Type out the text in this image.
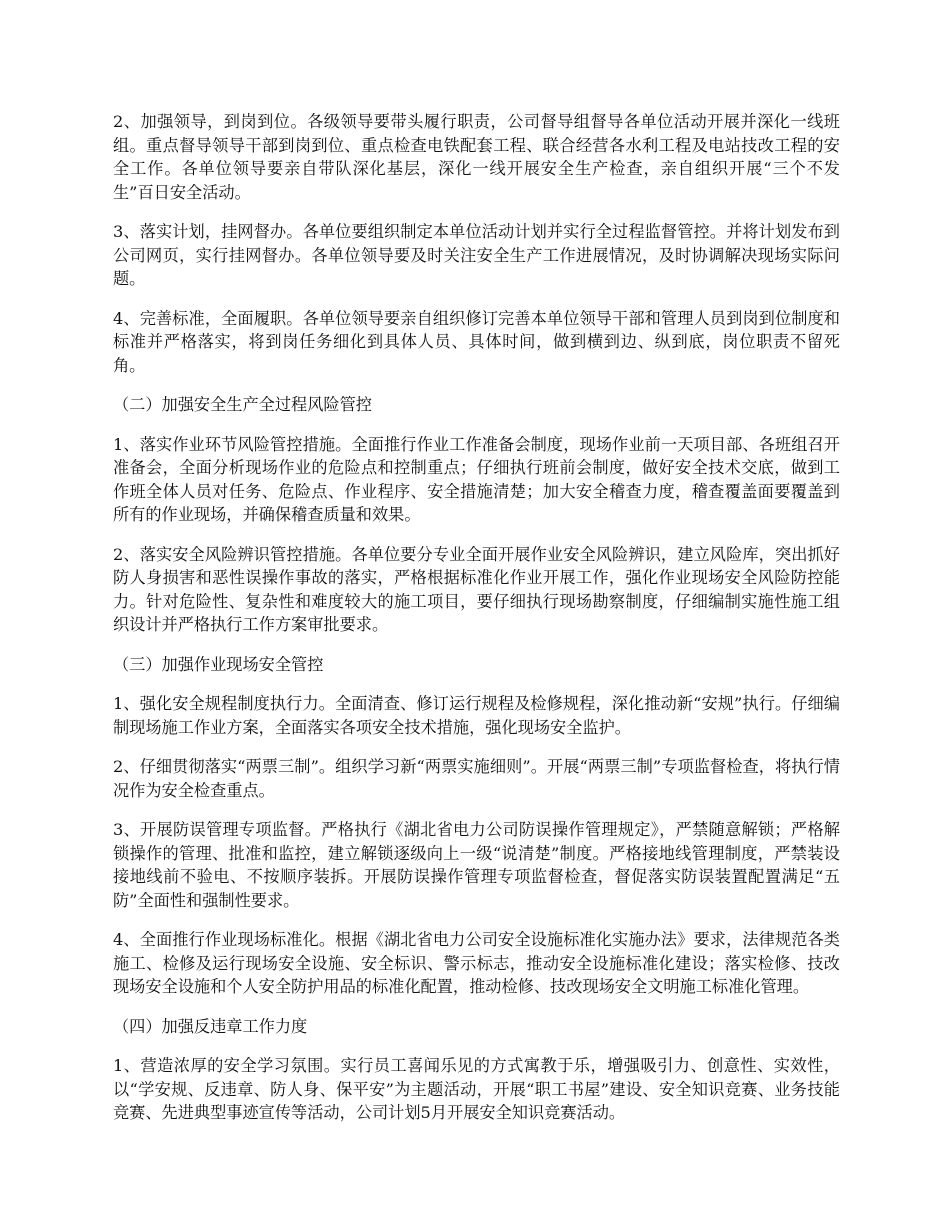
2、加强领导，到岗到位。各级领导要带头履行职责，公司督导组督导各单位活动开展并深化一线班组。重点督导领导干部到岗到位、重点检查电铁配套工程、联合经营各水利工程及电站技改工程的安全工作。各单位领导要亲自带队深化基层，深化一线开展安全生产检查，亲自组织开展“三个不发生”百日安全活动。

3、落实计划，挂网督办。各单位要组织制定本单位活动计划并实行全过程监督管控。并将计划发布到公司网页，实行挂网督办。各单位领导要及时关注安全生产工作进展情况，及时协调解决现场实际问题。

4、完善标准，全面履职。各单位领导要亲自组织修订完善本单位领导干部和管理人员到岗到位制度和标准并严格落实，将到岗任务细化到具体人员、具体时间，做到横到边、纵到底，岗位职责不留死角。

（二）加强安全生产全过程风险管控

1、落实作业环节风险管控措施。全面推行作业工作准备会制度，现场作业前一天项目部、各班组召开准备会，全面分析现场作业的危险点和控制重点；仔细执行班前会制度，做好安全技术交底，做到工作班全体人员对任务、危险点、作业程序、安全措施清楚；加大安全稽查力度，稽查覆盖面要覆盖到所有的作业现场，并确保稽查质量和效果。

2、落实安全风险辨识管控措施。各单位要分专业全面开展作业安全风险辨识，建立风险库，突出抓好防人身损害和恶性误操作事故的落实，严格根据标准化作业开展工作，强化作业现场安全风险防控能力。针对危险性、复杂性和难度较大的施工项目，要仔细执行现场勘察制度，仔细编制实施性施工组织设计并严格执行工作方案审批要求。

（三）加强作业现场安全管控

1、强化安全规程制度执行力。全面清查、修订运行规程及检修规程，深化推动新“安规”执行。仔细编制现场施工作业方案，全面落实各项安全技术措施，强化现场安全监护。

2、仔细贯彻落实“两票三制”。组织学习新“两票实施细则”。开展“两票三制”专项监督检查，将执行情况作为安全检查重点。

3、开展防误管理专项监督。严格执行《湖北省电力公司防误操作管理规定》，严禁随意解锁；严格解锁操作的管理、批准和监控，建立解锁逐级向上一级“说清楚”制度。严格接地线管理制度，严禁装设接地线前不验电、不按顺序装拆。开展防误操作管理专项监督检查，督促落实防误装置配置满足“五防”全面性和强制性要求。

4、全面推行作业现场标准化。根据《湖北省电力公司安全设施标准化实施办法》要求，法律规范各类施工、检修及运行现场安全设施、安全标识、警示标志，推动安全设施标准化建设；落实检修、技改现场安全设施和个人安全防护用品的标准化配置，推动检修、技改现场安全文明施工标准化管理。

（四）加强反违章工作力度

1、营造浓厚的安全学习氛围。实行员工喜闻乐见的方式寓教于乐，增强吸引力、创意性、实效性，以“学安规、反违章、防人身、保平安”为主题活动，开展“职工书屋”建设、安全知识竞赛、业务技能竞赛、先进典型事迹宣传等活动，公司计划5月开展安全知识竞赛活动。
